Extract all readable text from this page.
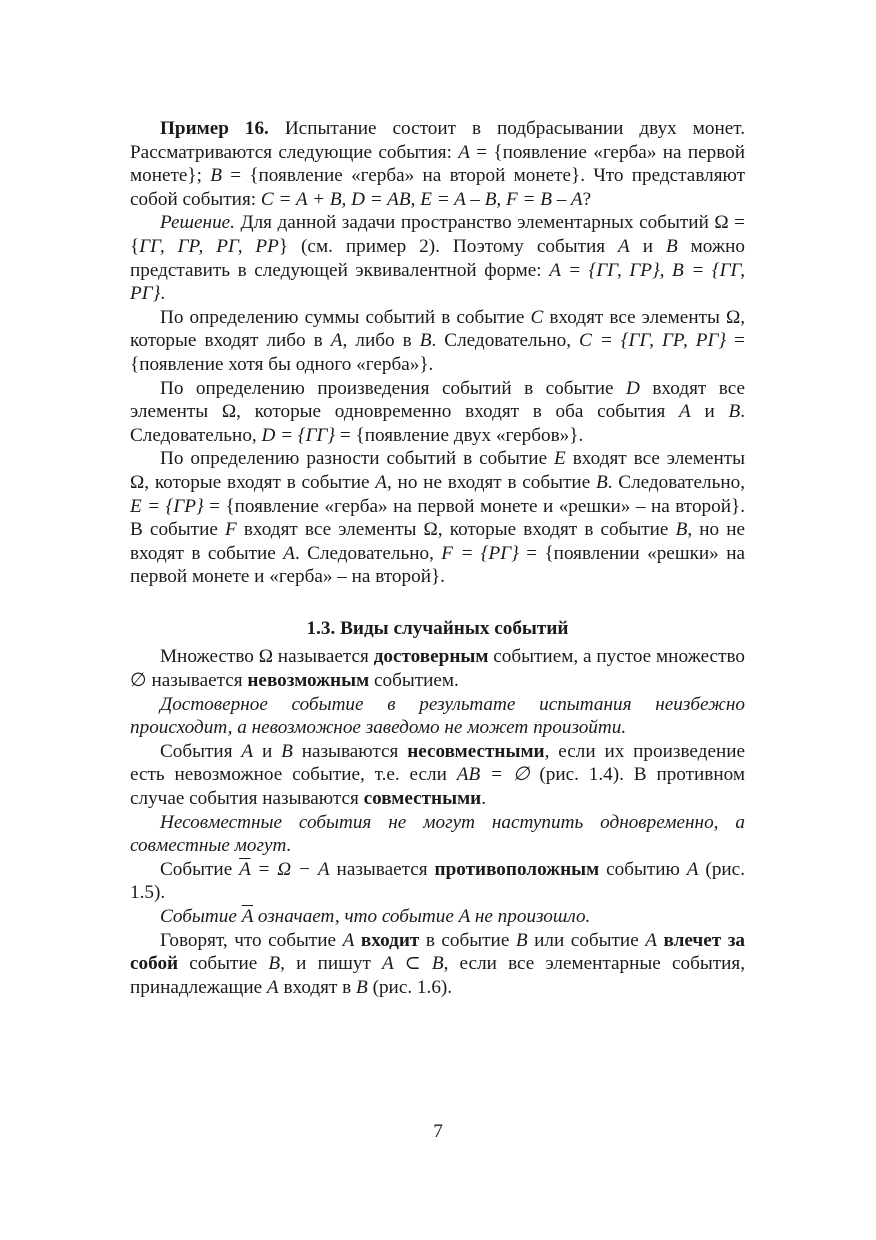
Пример 16. Испытание состоит в подбрасывании двух монет. Рассматриваются следующие события: A = {появление «герба» на первой монете}; B = {появление «герба» на второй монете}. Что представляют собой события: C = A + B, D = AB, E = A – B, F = B – A?

Решение. Для данной задачи пространство элементарных событий Ω = {ГГ, ГР, РГ, РР} (см. пример 2). Поэтому события A и B можно представить в следующей эквивалентной форме: A = {ГГ, ГР}, B = {ГГ, РГ}.

По определению суммы событий в событие C входят все элементы Ω, которые входят либо в A, либо в B. Следовательно, C = {ГГ, ГР, РГ} = {появление хотя бы одного «герба»}.

По определению произведения событий в событие D входят все элементы Ω, которые одновременно входят в оба события A и B. Следовательно, D = {ГГ} = {появление двух «гербов»}.

По определению разности событий в событие E входят все элементы Ω, которые входят в событие A, но не входят в событие B. Следовательно, E = {ГР} = {появление «герба» на первой монете и «решки» – на второй}. В событие F входят все элементы Ω, которые входят в событие B, но не входят в событие A. Следовательно, F = {РГ} = {появлении «решки» на первой монете и «герба» – на второй}.

1.3. Виды случайных событий

Множество Ω называется достоверным событием, а пустое множество ∅ называется невозможным событием.

Достоверное событие в результате испытания неизбежно происходит, а невозможное заведомо не может произойти.

События A и B называются несовместными, если их произведение есть невозможное событие, т.е. если AB = ∅ (рис. 1.4). В противном случае события называются совместными.

Несовместные события не могут наступить одновременно, а совместные могут.

Событие $\overline{A} = \Omega - A$ называется противоположным событию A (рис. 1.5).

Событие $\overline{A}$ означает, что событие A не произошло.

Говорят, что событие A входит в событие B или событие A влечет за собой событие B, и пишут A ⊂ B, если все элементарные события, принадлежащие A входят в B (рис. 1.6).

7
